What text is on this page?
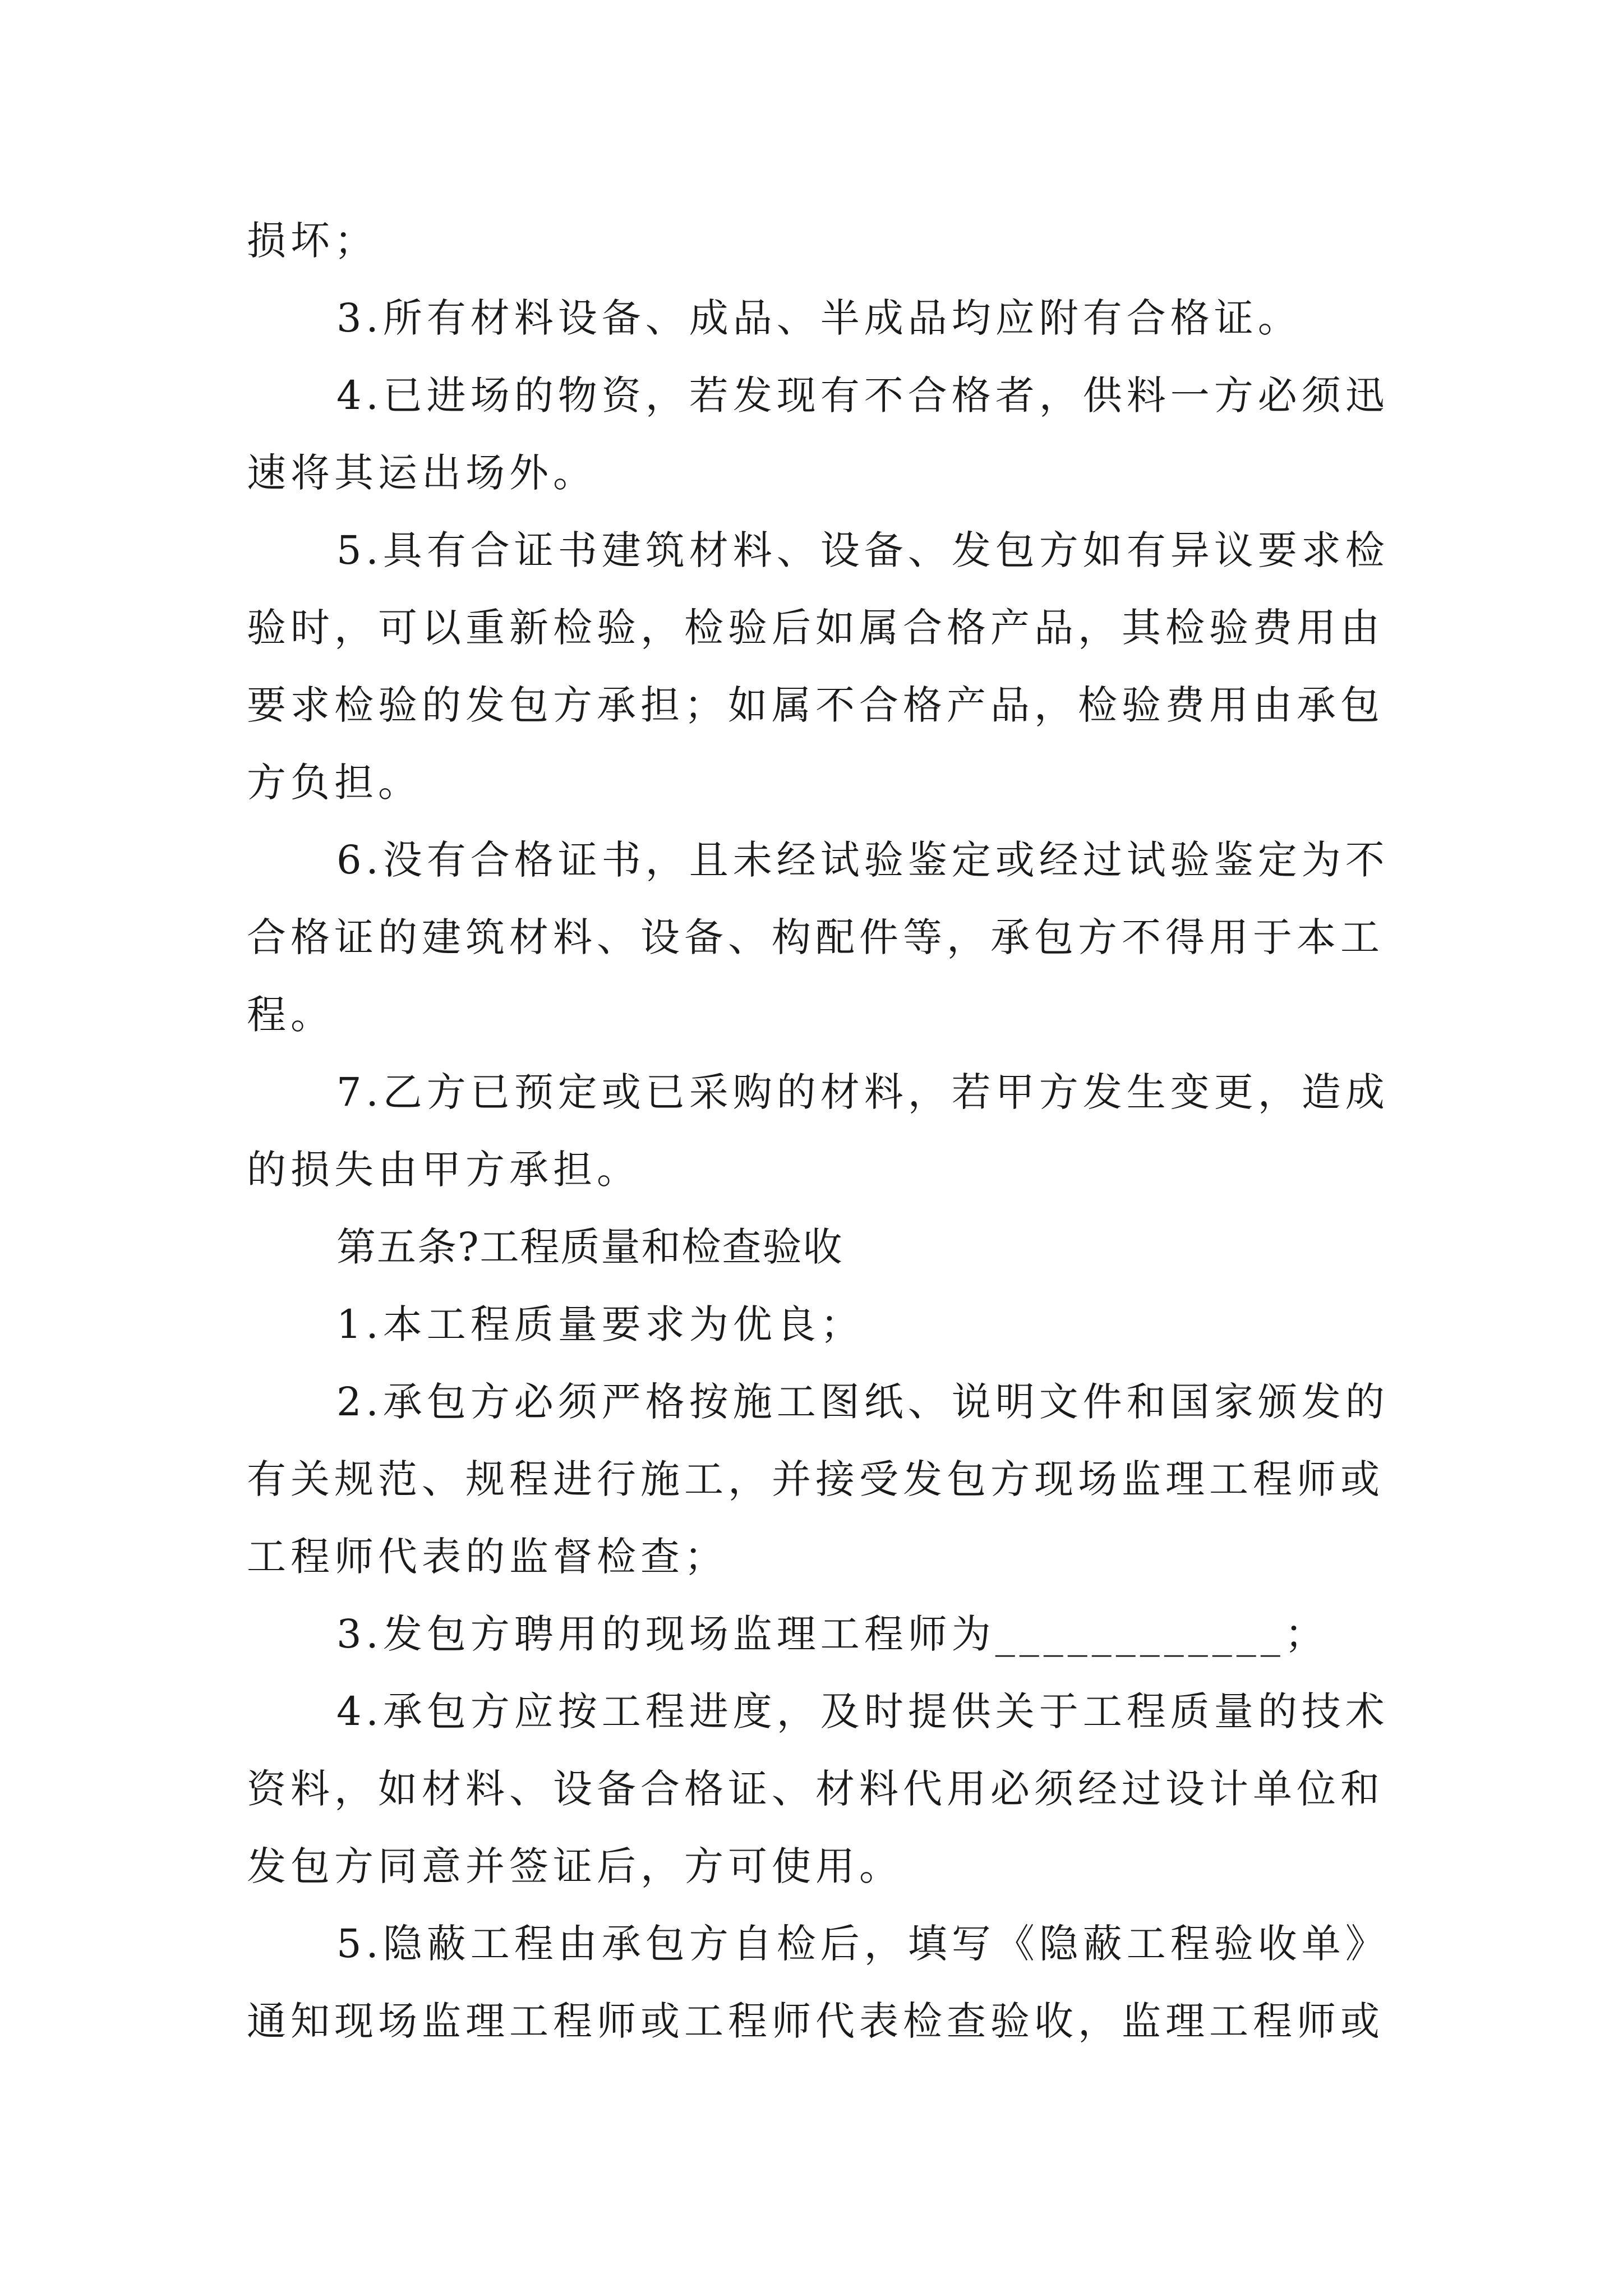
损坏；
3.所有材料设备、成品、半成品均应附有合格证。
4.已进场的物资，若发现有不合格者，供料一方必须迅
速将其运出场外。
5.具有合证书建筑材料、设备、发包方如有异议要求检
验时，可以重新检验，检验后如属合格产品，其检验费用由
要求检验的发包方承担；如属不合格产品，检验费用由承包
方负担。
6.没有合格证书，且未经试验鉴定或经过试验鉴定为不
合格证的建筑材料、设备、构配件等，承包方不得用于本工
程。
7.乙方已预定或已采购的材料，若甲方发生变更，造成
的损失由甲方承担。
第五条?工程质量和检查验收
1.本工程质量要求为优良；
2.承包方必须严格按施工图纸、说明文件和国家颁发的
有关规范、规程进行施工，并接受发包方现场监理工程师或
工程师代表的监督检查；
3.发包方聘用的现场监理工程师为____________；
4.承包方应按工程进度，及时提供关于工程质量的技术
资料，如材料、设备合格证、材料代用必须经过设计单位和
发包方同意并签证后，方可使用。
5.隐蔽工程由承包方自检后，填写《隐蔽工程验收单》
通知现场监理工程师或工程师代表检查验收，监理工程师或
